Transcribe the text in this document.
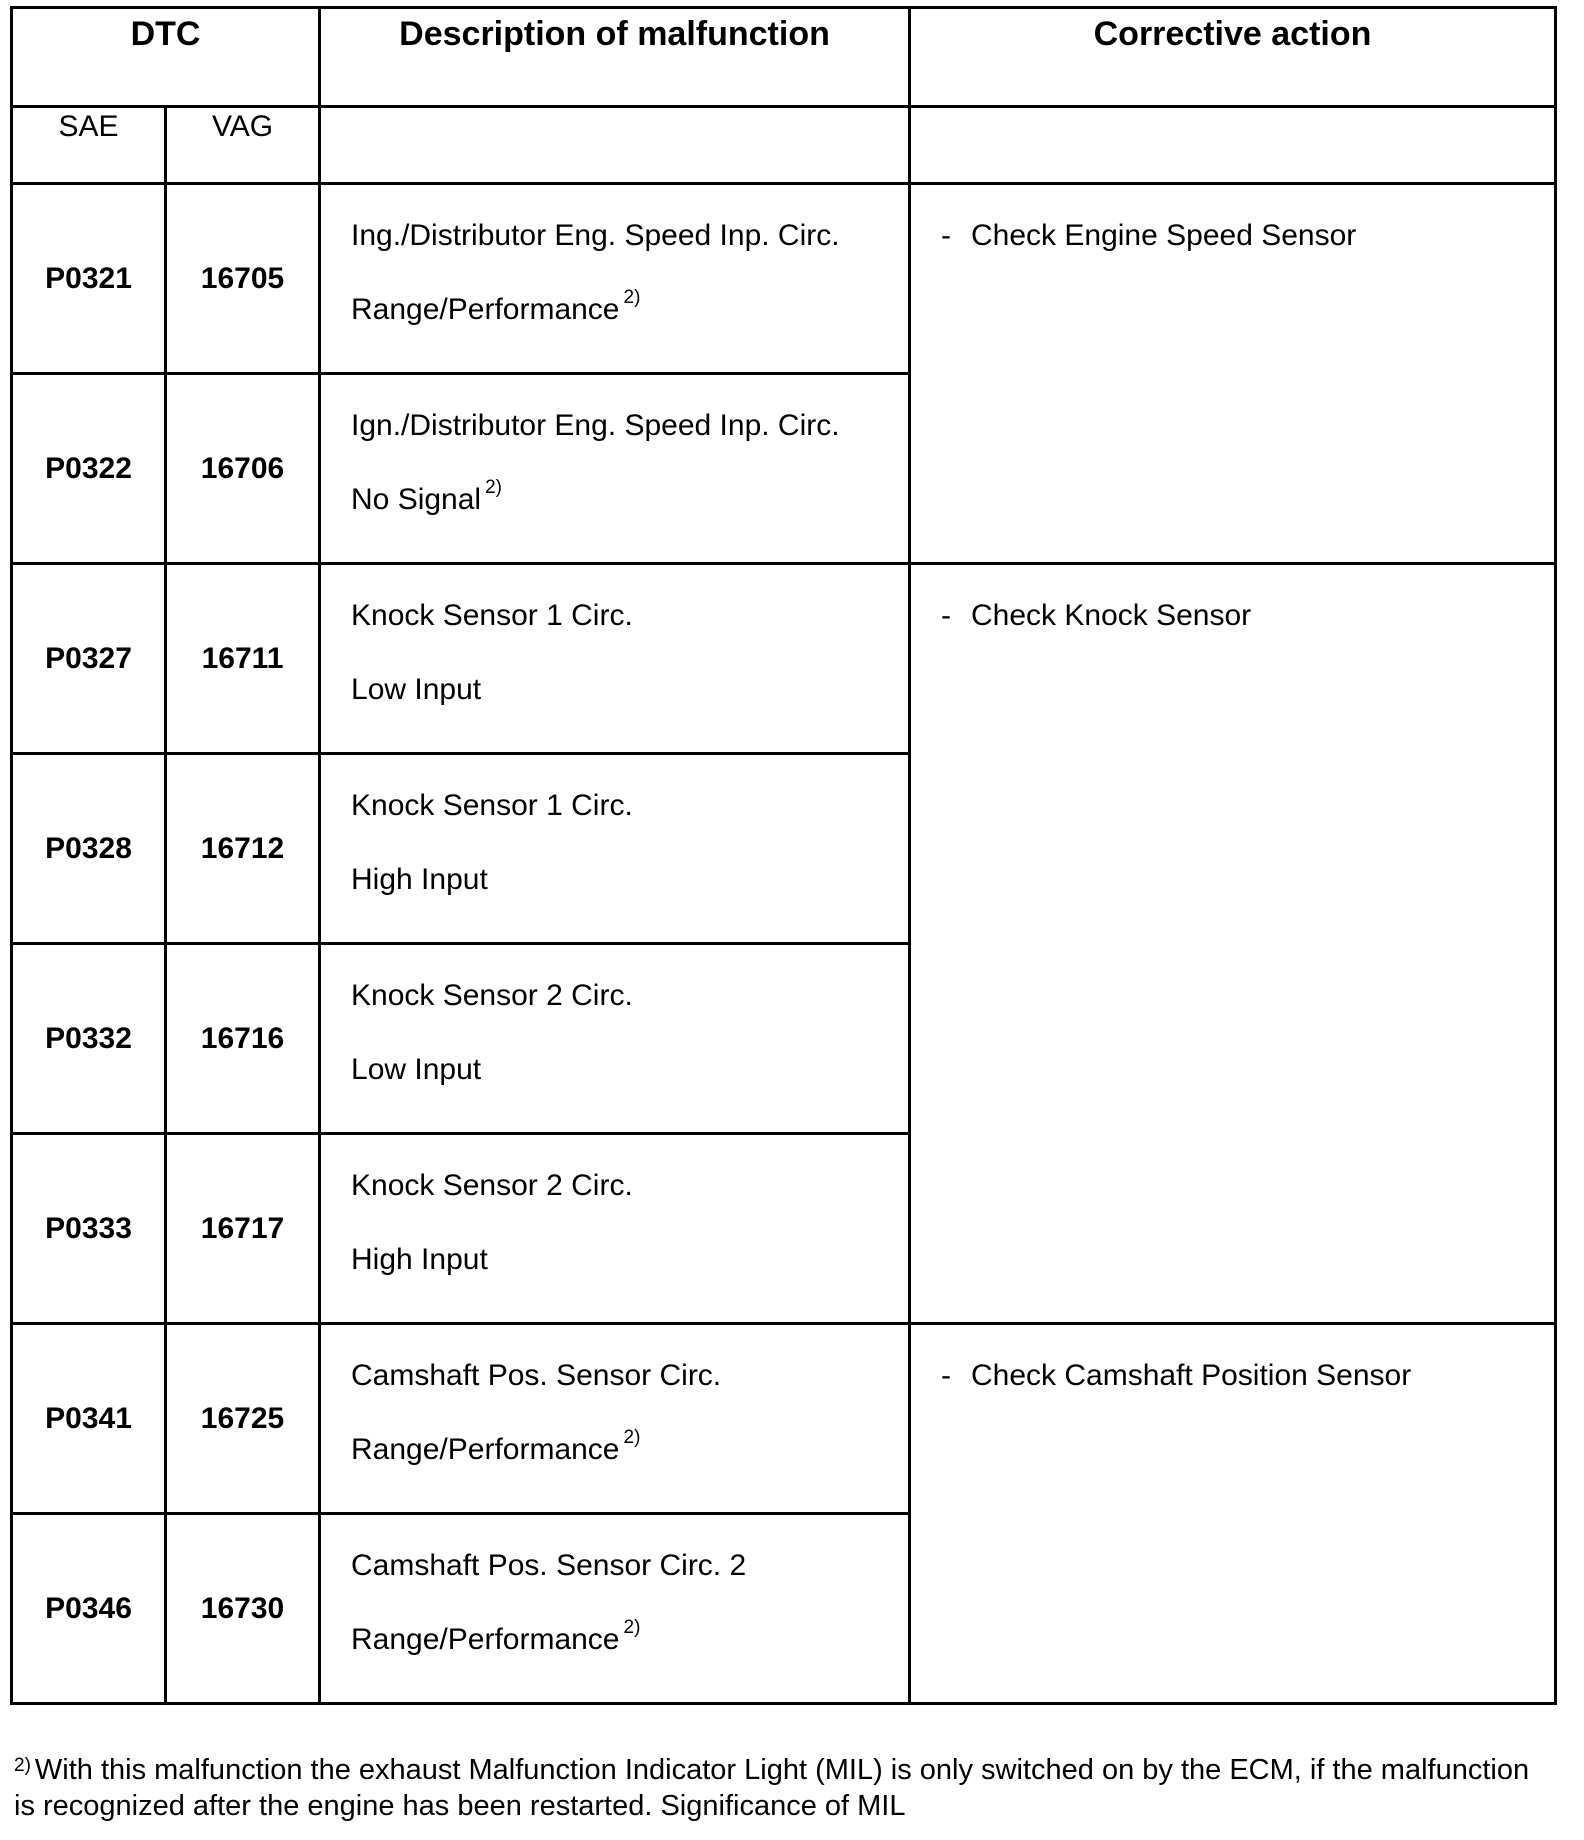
DTC		Description of malfunction	Corrective action
SAE	VAG		
P0321	16705	Ing./Distributor Eng. Speed Inp. Circ.
Range/Performance $^{2)}$	- Check Engine Speed Sensor

P0322	16706	Ign./Distributor Eng. Speed Inp. Circ.
No Signal $^{2)}$

P0327	16711	Knock Sensor 1 Circ.
Low Input	- Check Knock Sensor

P0328	16712	Knock Sensor 1 Circ.
High Input	

P0332	16716	Knock Sensor 2 Circ.
Low Input	

P0333	16717	Knock Sensor 2 Circ.
High Input	

P0341	16725	Camshaft Pos. Sensor Circ.
Range/Performance $^{2)}$	- Check Camshaft Position Sensor

P0346	16730	Camshaft Pos. Sensor Circ. 2
Range/Performance $^{2)}$
$^{2)}$ With this malfunction the exhaust Malfunction Indicator Light (MIL) is only switched on by the ECM, if the malfunction is recognized after the engine has been restarted. Significance of MIL
